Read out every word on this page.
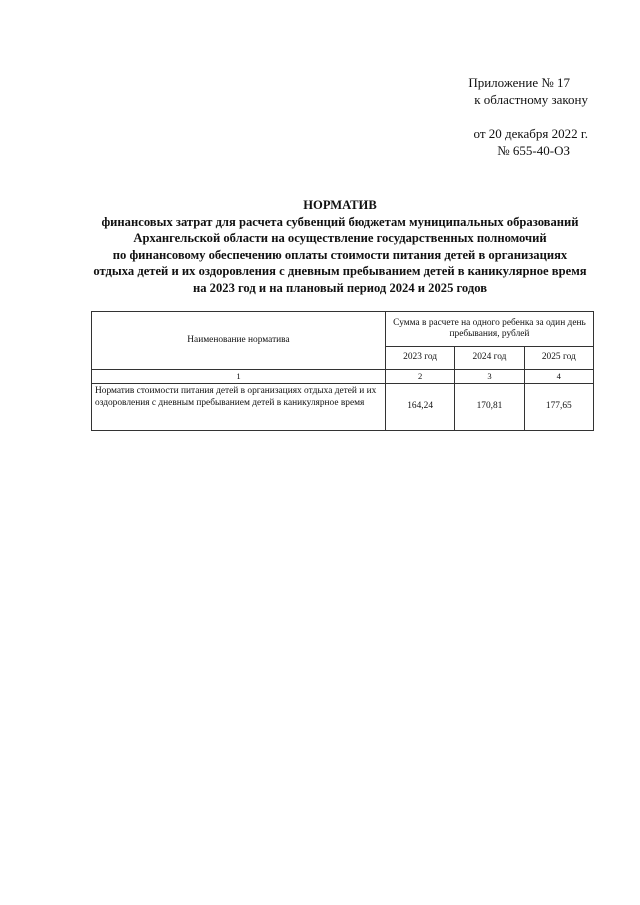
Приложение № 17
к областному закону
от 20 декабря 2022 г.
№ 655-40-ОЗ
НОРМАТИВ
финансовых затрат для расчета субвенций бюджетам муниципальных образований
Архангельской области на осуществление государственных полномочий
по финансовому обеспечению оплаты стоимости питания детей в организациях
отдыха детей и их оздоровления с дневным пребыванием детей в каникулярное время
на 2023 год и на плановый период 2024 и 2025 годов
Наименование норматива	Сумма в расчете на одного ребенка за один день пребывания, рублей		
	2023 год	2024 год	2025 год
1	2	3	4
Норматив стоимости питания детей в организациях отдыха детей и их оздоровления с дневным пребыванием детей в каникулярное время	164,24	170,81	177,65
